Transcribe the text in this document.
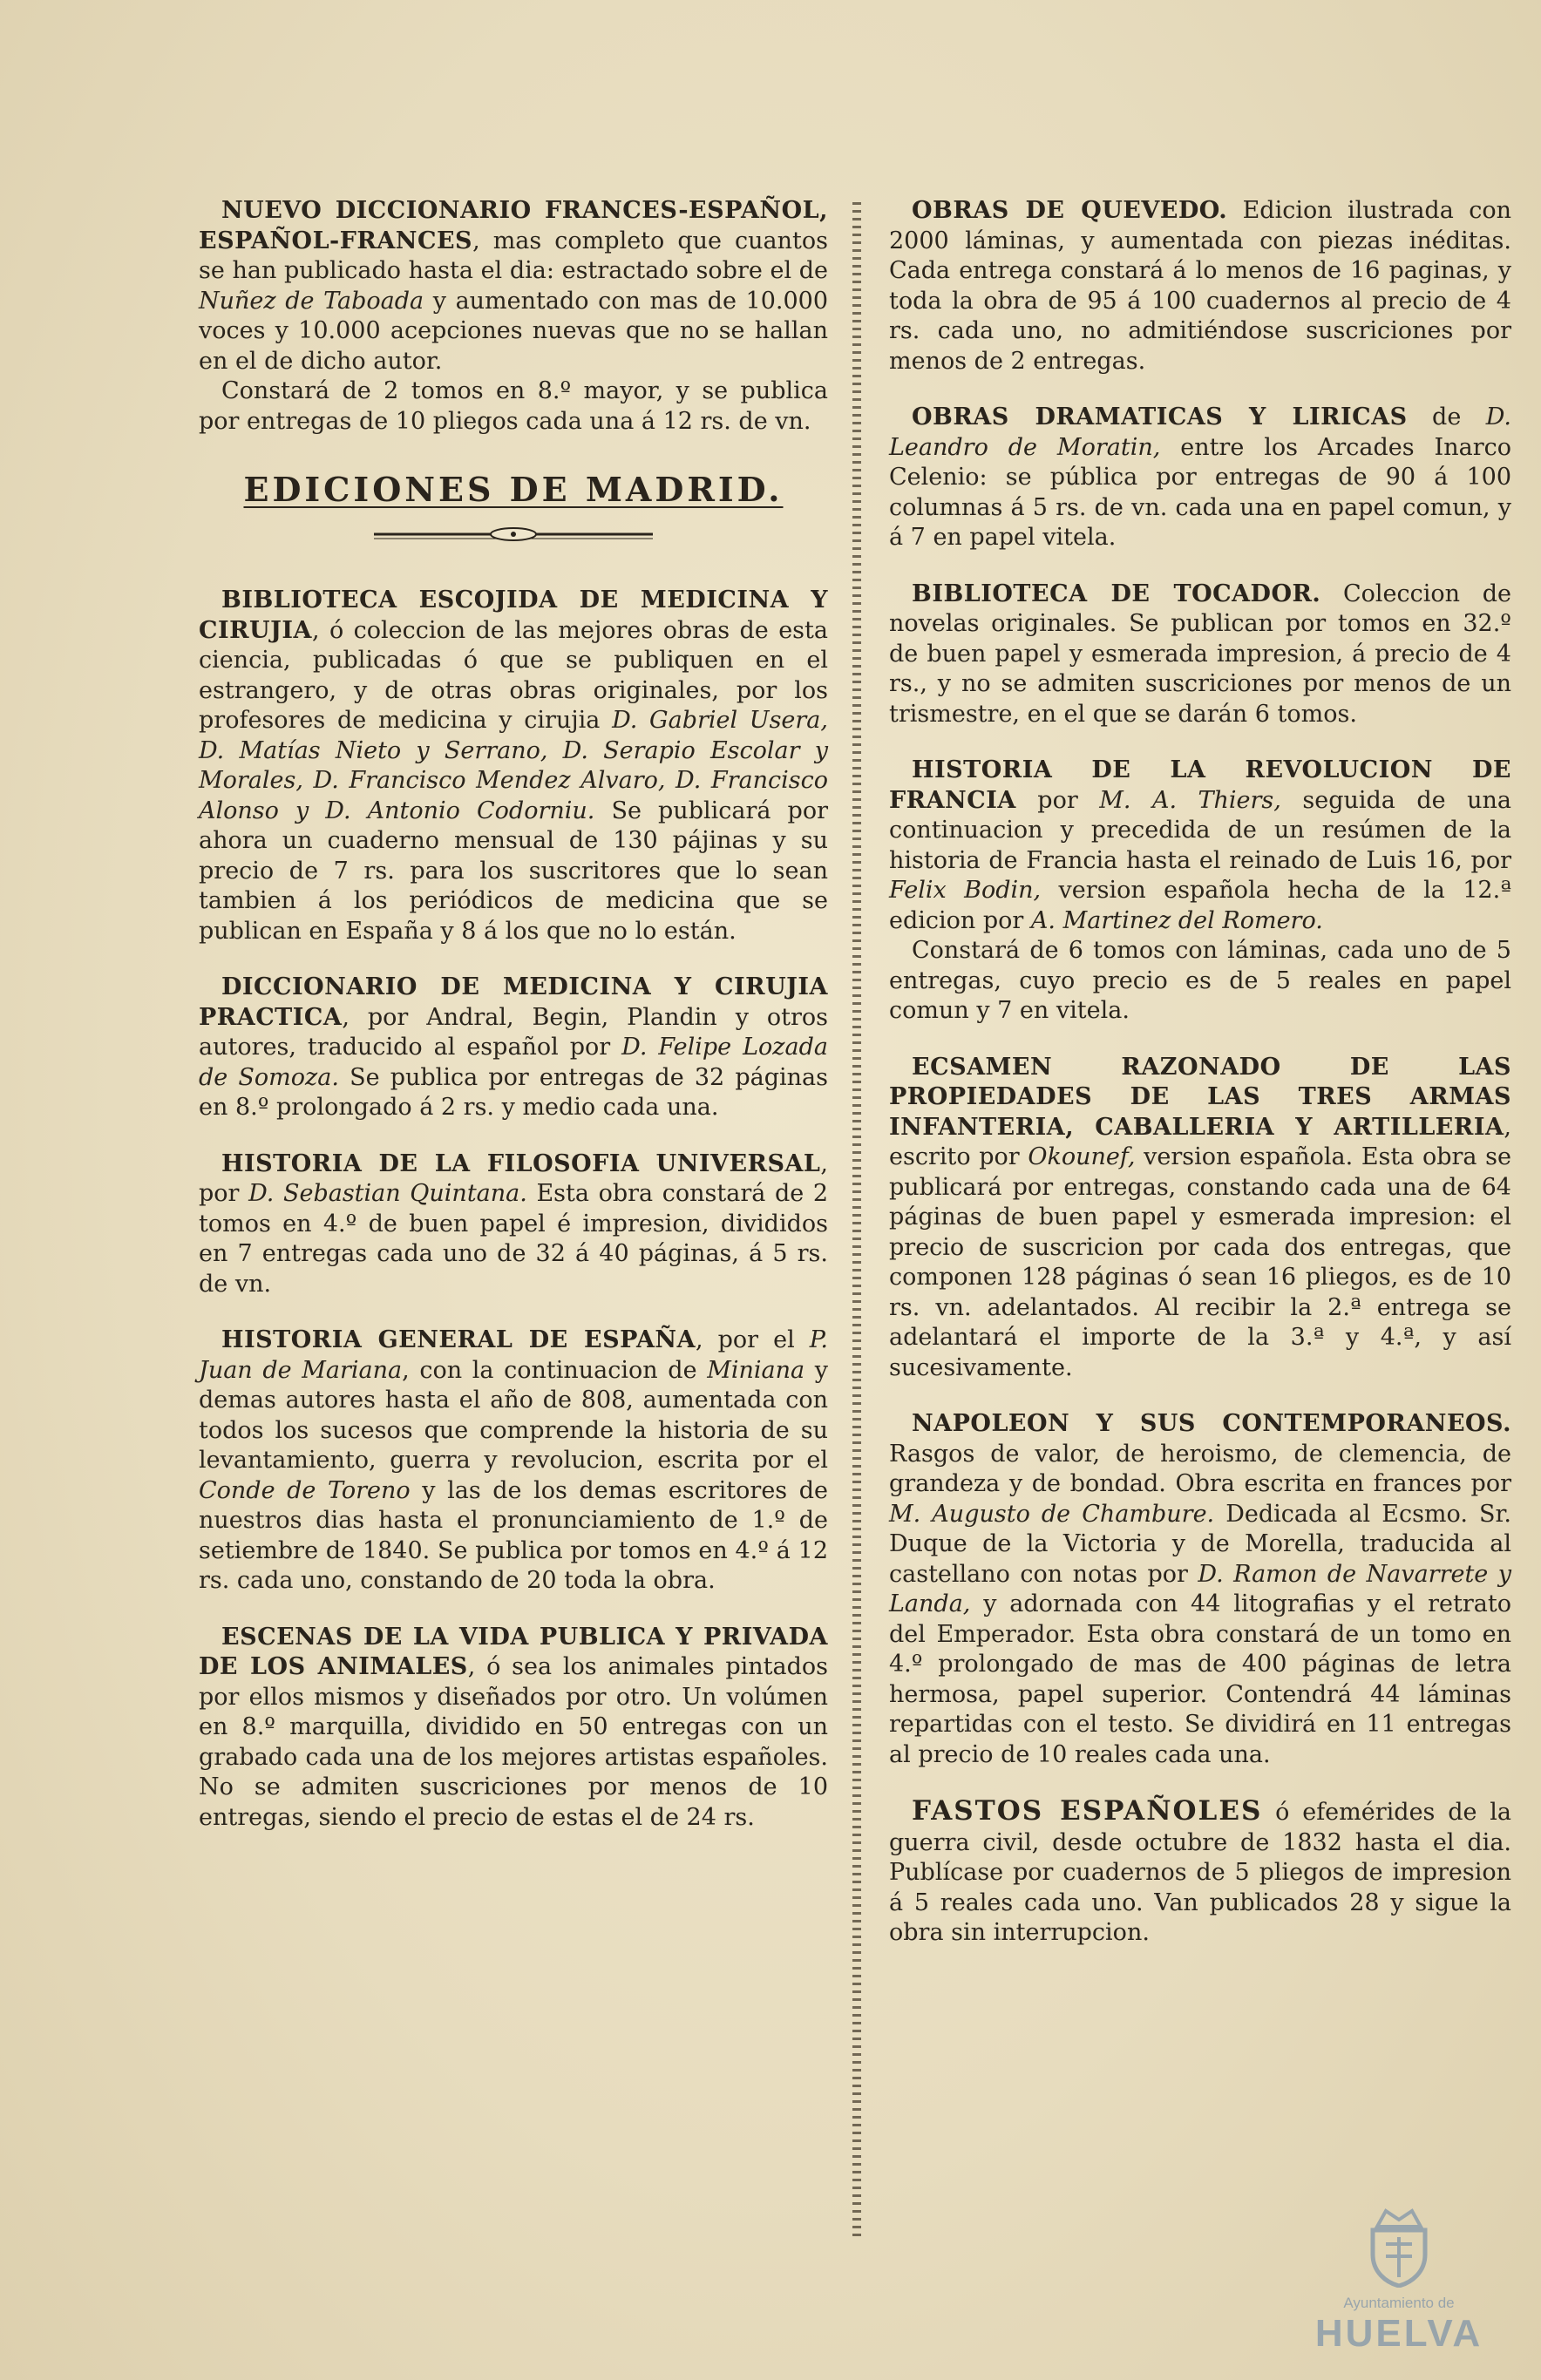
NUEVO DICCIONARIO FRANCES-ESPAÑOL, ESPAÑOL-FRANCES, mas completo que cuantos se han publicado hasta el dia: estractado sobre el de Nuñez de Taboada y aumentado con mas de 10.000 voces y 10.000 acepciones nuevas que no se hallan en el de dicho autor.

Constará de 2 tomos en 8.º mayor, y se publica por entregas de 10 pliegos cada una á 12 rs. de vn.

EDICIONES DE MADRID.

BIBLIOTECA ESCOJIDA DE MEDICINA Y CIRUJIA, ó coleccion de las mejores obras de esta ciencia, publicadas ó que se publiquen en el estrangero, y de otras obras originales, por los profesores de medicina y cirujia D. Gabriel Usera, D. Matías Nieto y Serrano, D. Serapio Escolar y Morales, D. Francisco Mendez Alvaro, D. Francisco Alonso y D. Antonio Codorniu. Se publicará por ahora un cuaderno mensual de 130 pájinas y su precio de 7 rs. para los suscritores que lo sean tambien á los periódicos de medicina que se publican en España y 8 á los que no lo están.

DICCIONARIO DE MEDICINA Y CIRUJIA PRACTICA, por Andral, Begin, Plandin y otros autores, traducido al español por D. Felipe Lozada de Somoza. Se publica por entregas de 32 páginas en 8.º prolongado á 2 rs. y medio cada una.

HISTORIA DE LA FILOSOFIA UNIVERSAL, por D. Sebastian Quintana. Esta obra constará de 2 tomos en 4.º de buen papel é impresion, divididos en 7 entregas cada uno de 32 á 40 páginas, á 5 rs. de vn.

HISTORIA GENERAL DE ESPAÑA, por el P. Juan de Mariana, con la continuacion de Miniana y demas autores hasta el año de 808, aumentada con todos los sucesos que comprende la historia de su levantamiento, guerra y revolucion, escrita por el Conde de Toreno y las de los demas escritores de nuestros dias hasta el pronunciamiento de 1.º de setiembre de 1840. Se publica por tomos en 4.º á 12 rs. cada uno, constando de 20 toda la obra.

ESCENAS DE LA VIDA PUBLICA Y PRIVADA DE LOS ANIMALES, ó sea los animales pintados por ellos mismos y diseñados por otro. Un volúmen en 8.º marquilla, dividido en 50 entregas con un grabado cada una de los mejores artistas españoles. No se admiten suscriciones por menos de 10 entregas, siendo el precio de estas el de 24 rs.

OBRAS DE QUEVEDO. Edicion ilustrada con 2000 láminas, y aumentada con piezas inéditas. Cada entrega constará á lo menos de 16 paginas, y toda la obra de 95 á 100 cuadernos al precio de 4 rs. cada uno, no admitiéndose suscriciones por menos de 2 entregas.

OBRAS DRAMATICAS Y LIRICAS de D. Leandro de Moratin, entre los Arcades Inarco Celenio: se pública por entregas de 90 á 100 columnas á 5 rs. de vn. cada una en papel comun, y á 7 en papel vitela.

BIBLIOTECA DE TOCADOR. Coleccion de novelas originales. Se publican por tomos en 32.º de buen papel y esmerada impresion, á precio de 4 rs., y no se admiten suscriciones por menos de un trismestre, en el que se darán 6 tomos.

HISTORIA DE LA REVOLUCION DE FRANCIA por M. A. Thiers, seguida de una continuacion y precedida de un resúmen de la historia de Francia hasta el reinado de Luis 16, por Felix Bodin, version española hecha de la 12.ª edicion por A. Martinez del Romero.

Constará de 6 tomos con láminas, cada uno de 5 entregas, cuyo precio es de 5 reales en papel comun y 7 en vitela.

ECSAMEN RAZONADO DE LAS PROPIEDADES DE LAS TRES ARMAS INFANTERIA, CABALLERIA Y ARTILLERIA, escrito por Okounef, version española. Esta obra se publicará por entregas, constando cada una de 64 páginas de buen papel y esmerada impresion: el precio de suscricion por cada dos entregas, que componen 128 páginas ó sean 16 pliegos, es de 10 rs. vn. adelantados. Al recibir la 2.ª entrega se adelantará el importe de la 3.ª y 4.ª, y así sucesivamente.

NAPOLEON Y SUS CONTEMPORANEOS. Rasgos de valor, de heroismo, de clemencia, de grandeza y de bondad. Obra escrita en frances por M. Augusto de Chambure. Dedicada al Ecsmo. Sr. Duque de la Victoria y de Morella, traducida al castellano con notas por D. Ramon de Navarrete y Landa, y adornada con 44 litografias y el retrato del Emperador. Esta obra constará de un tomo en 4.º prolongado de mas de 400 páginas de letra hermosa, papel superior. Contendrá 44 láminas repartidas con el testo. Se dividirá en 11 entregas al precio de 10 reales cada una.

FASTOS ESPAÑOLES ó efemérides de la guerra civil, desde octubre de 1832 hasta el dia. Publícase por cuadernos de 5 pliegos de impresion á 5 reales cada uno. Van publicados 28 y sigue la obra sin interrupcion.

Ayuntamiento de
HUELVA
